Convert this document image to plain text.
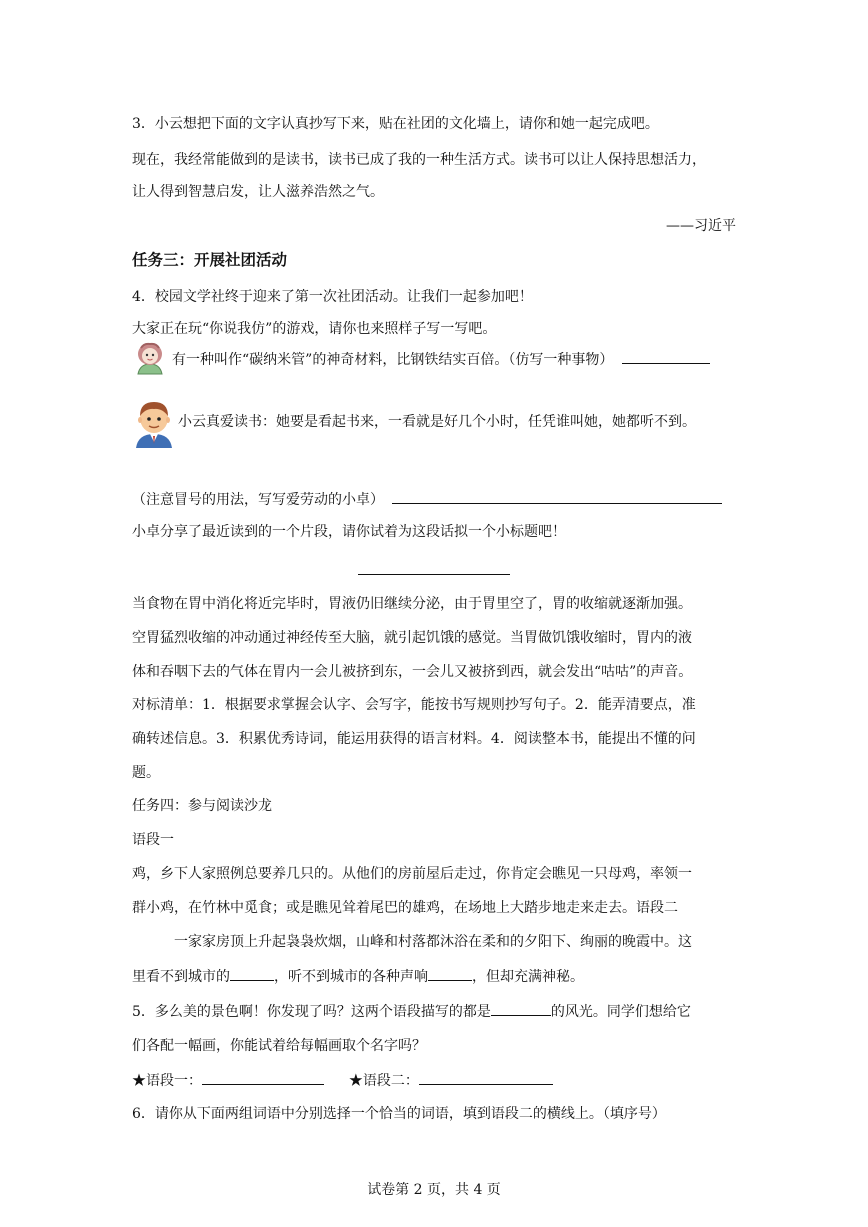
3．小云想把下面的文字认真抄写下来，贴在社团的文化墙上，请你和她一起完成吧。
现在，我经常能做到的是读书，读书已成了我的一种生活方式。读书可以让人保持思想活力，
让人得到智慧启发，让人滋养浩然之气。
——习近平
任务三：开展社团活动
4．校园文学社终于迎来了第一次社团活动。让我们一起参加吧！
大家正在玩“你说我仿”的游戏，请你也来照样子写一写吧。
有一种叫作“碳纳米管”的神奇材料，比钢铁结实百倍。（仿写一种事物）
小云真爱读书：她要是看起书来，一看就是好几个小时，任凭谁叫她，她都听不到。
（注意冒号的用法，写写爱劳动的小卓）
小卓分享了最近读到的一个片段，请你试着为这段话拟一个小标题吧！
当食物在胃中消化将近完毕时，胃液仍旧继续分泌，由于胃里空了，胃的收缩就逐渐加强。
空胃猛烈收缩的冲动通过神经传至大脑，就引起饥饿的感觉。当胃做饥饿收缩时，胃内的液
体和吞咽下去的气体在胃内一会儿被挤到东，一会儿又被挤到西，就会发出“咕咕”的声音。
对标清单：1．根据要求掌握会认字、会写字，能按书写规则抄写句子。2．能弄清要点，准
确转述信息。3．积累优秀诗词，能运用获得的语言材料。4．阅读整本书，能提出不懂的问
题。
任务四：参与阅读沙龙
语段一
鸡，乡下人家照例总要养几只的。从他们的房前屋后走过，你肯定会瞧见一只母鸡，率领一
群小鸡，在竹林中觅食；或是瞧见耸着尾巴的雄鸡，在场地上大踏步地走来走去。语段二
一家家房顶上升起袅袅炊烟，山峰和村落都沐浴在柔和的夕阳下、绚丽的晚霞中。这
里看不到城市的	，听不到城市的各种声响	，但却充满神秘。
5．多么美的景色啊！你发现了吗？这两个语段描写的都是	的风光。同学们想给它
们各配一幅画，你能试着给每幅画取个名字吗？
★语段一：	★语段二：
6．请你从下面两组词语中分别选择一个恰当的词语，填到语段二的横线上。（填序号）
试卷第 2 页，共 4 页
